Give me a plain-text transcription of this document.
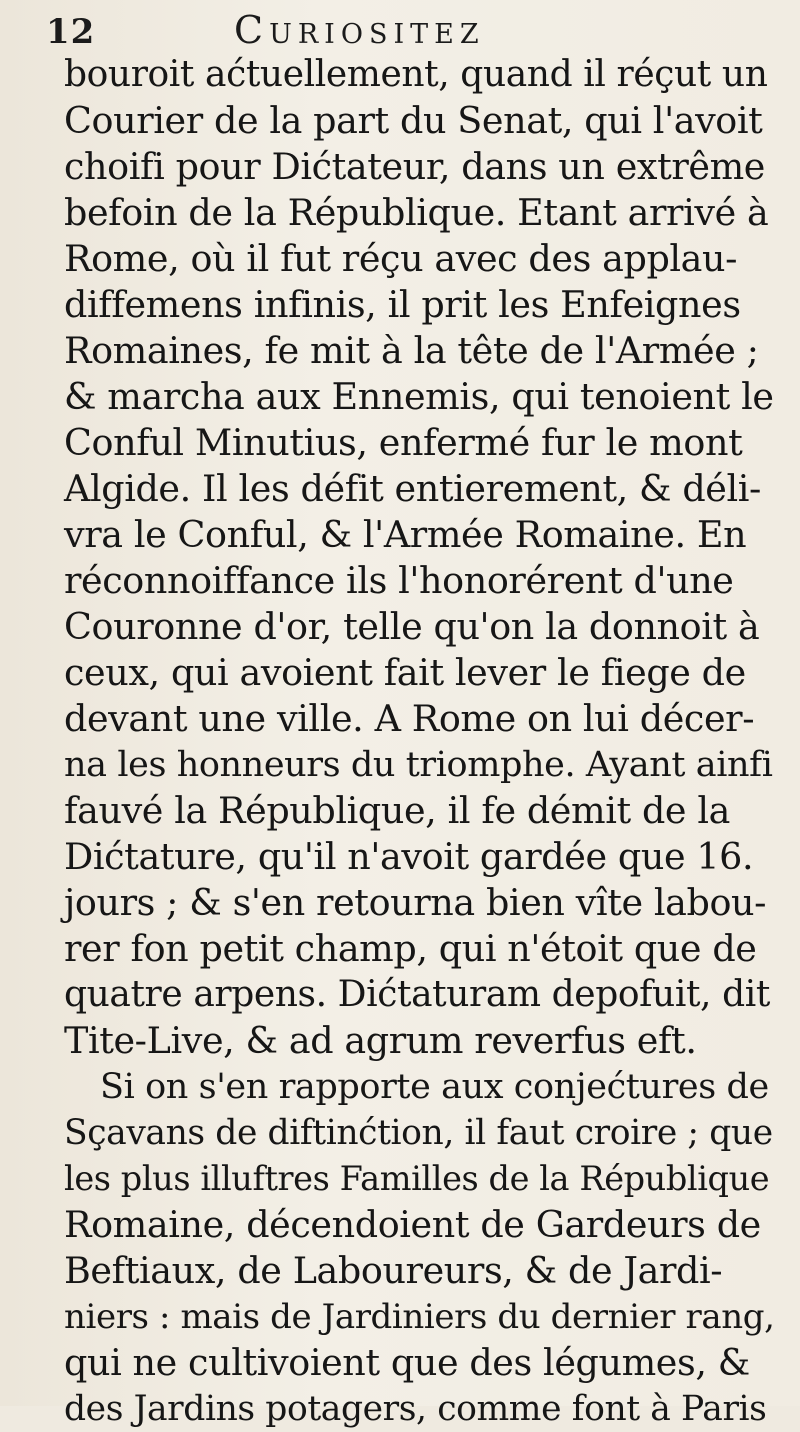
12	Curiositez
bouroit aćtuellement, quand il réçut un
Courier de la part du Senat, qui l'avoit
choifi pour Dićtateur, dans un extrême
befoin de la République. Etant arrivé à
Rome, où il fut réçu avec des applau-
diffemens infinis, il prit les Enfeignes
Romaines, fe mit à la tête de l'Armée ;
& marcha aux Ennemis, qui tenoient le
Conful Minutius, enfermé fur le mont
Algide. Il les défit entierement, & déli-
vra le Conful, & l'Armée Romaine. En
réconnoiffance ils l'honorérent d'une
Couronne d'or, telle qu'on la donnoit à
ceux, qui avoient fait lever le fiege de
devant une ville. A Rome on lui décer-
na les honneurs du triomphe. Ayant ainfi
fauvé la République, il fe démit de la
Dićtature, qu'il n'avoit gardée que 16.
jours ; & s'en retourna bien vîte labou-
rer fon petit champ, qui n'étoit que de
quatre arpens. Dićtaturam depofuit, dit
Tite-Live, & ad agrum reverfus eft.
Si on s'en rapporte aux conjećtures de
Sçavans de diftinćtion, il faut croire ; que
les plus illuftres Familles de la République
Romaine, décendoient de Gardeurs de
Beftiaux, de Laboureurs, & de Jardi-
niers : mais de Jardiniers du dernier rang,
qui ne cultivoient que des légumes, &
des Jardins potagers, comme font à Paris
